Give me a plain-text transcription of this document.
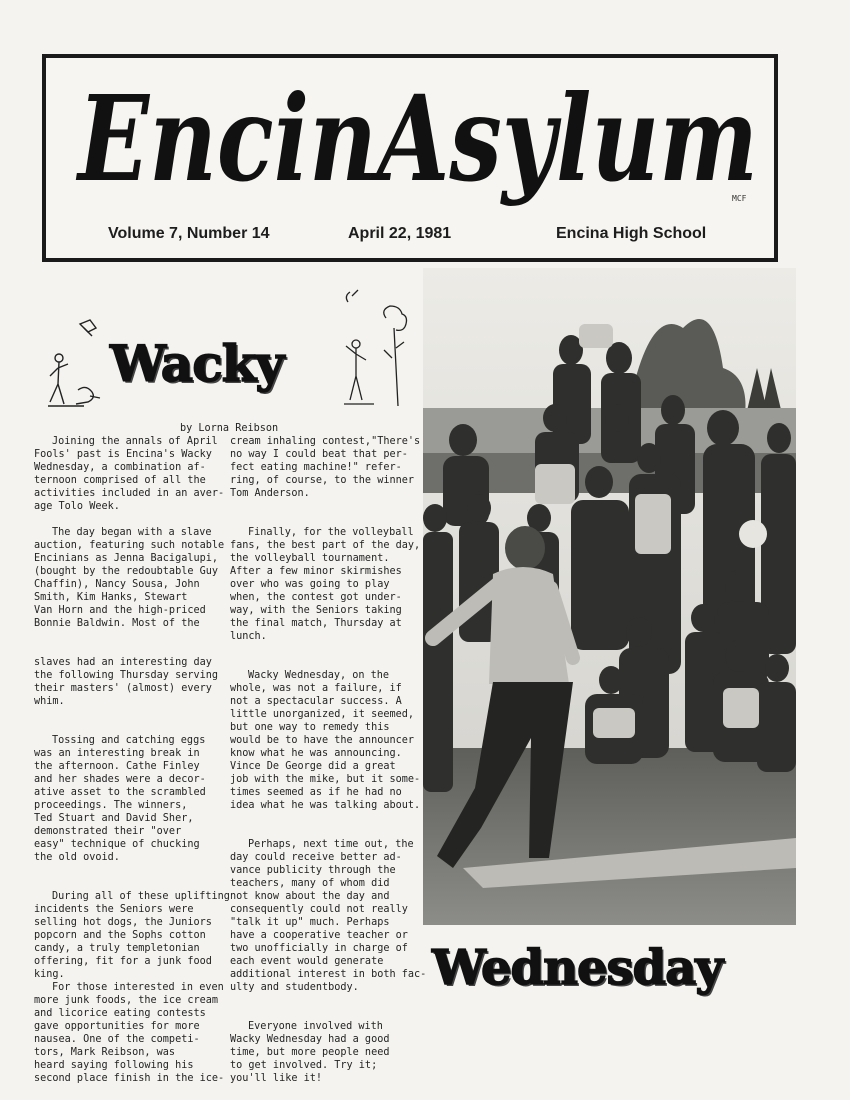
EncinAsylum
MCF
Volume 7, Number 14	April 22, 1981	Encina High School
Wacky

by Lorna Reibson

Joining the annals of April

Fools' past is Encina's Wacky

Wednesday, a combination af-

ternoon comprised of all the

activities included in an aver-

age Tolo Week.

The day began with a slave

auction, featuring such notable

Encinians as Jenna Bacigalupi,

(bought by the redoubtable Guy

Chaffin), Nancy Sousa, John

Smith, Kim Hanks, Stewart

Van Horn and the high-priced

Bonnie Baldwin. Most of the

slaves had an interesting day

the following Thursday serving

their masters' (almost) every

whim.

Tossing and catching eggs

was an interesting break in

the afternoon. Cathe Finley

and her shades were a decor-

ative asset to the scrambled

proceedings. The winners,

Ted Stuart and David Sher,

demonstrated their "over

easy" technique of chucking

the old ovoid.

During all of these uplifting

incidents the Seniors were

selling hot dogs, the Juniors

popcorn and the Sophs cotton

candy, a truly templetonian

offering, fit for a junk food

king.

For those interested in even

more junk foods, the ice cream

and licorice eating contests

gave opportunities for more

nausea. One of the competi-

tors, Mark Reibson, was

heard saying following his

second place finish in the ice-

cream inhaling contest,"There's

no way I could beat that per-

fect eating machine!" refer-

ring, of course, to the winner

Tom Anderson.

Finally, for the volleyball

fans, the best part of the day,

the volleyball tournament.

After a few minor skirmishes

over who was going to play

when, the contest got under-

way, with the Seniors taking

the final match, Thursday at

lunch.

Wacky Wednesday, on the

whole, was not a failure, if

not a spectacular success. A

little unorganized, it seemed,

but one way to remedy this

would be to have the announcer

know what he was announcing.

Vince De George did a great

job with the mike, but it some-

times seemed as if he had no

idea what he was talking about.

Perhaps, next time out, the

day could receive better ad-

vance publicity through the

teachers, many of whom did

not know about the day and

consequently could not really

"talk it up" much. Perhaps

have a cooperative teacher or

two unofficially in charge of

each event would generate

additional interest in both fac-

ulty and studentbody.

Everyone involved with

Wacky Wednesday had a good

time, but more people need

to get involved. Try it;

you'll like it!

Wednesday
